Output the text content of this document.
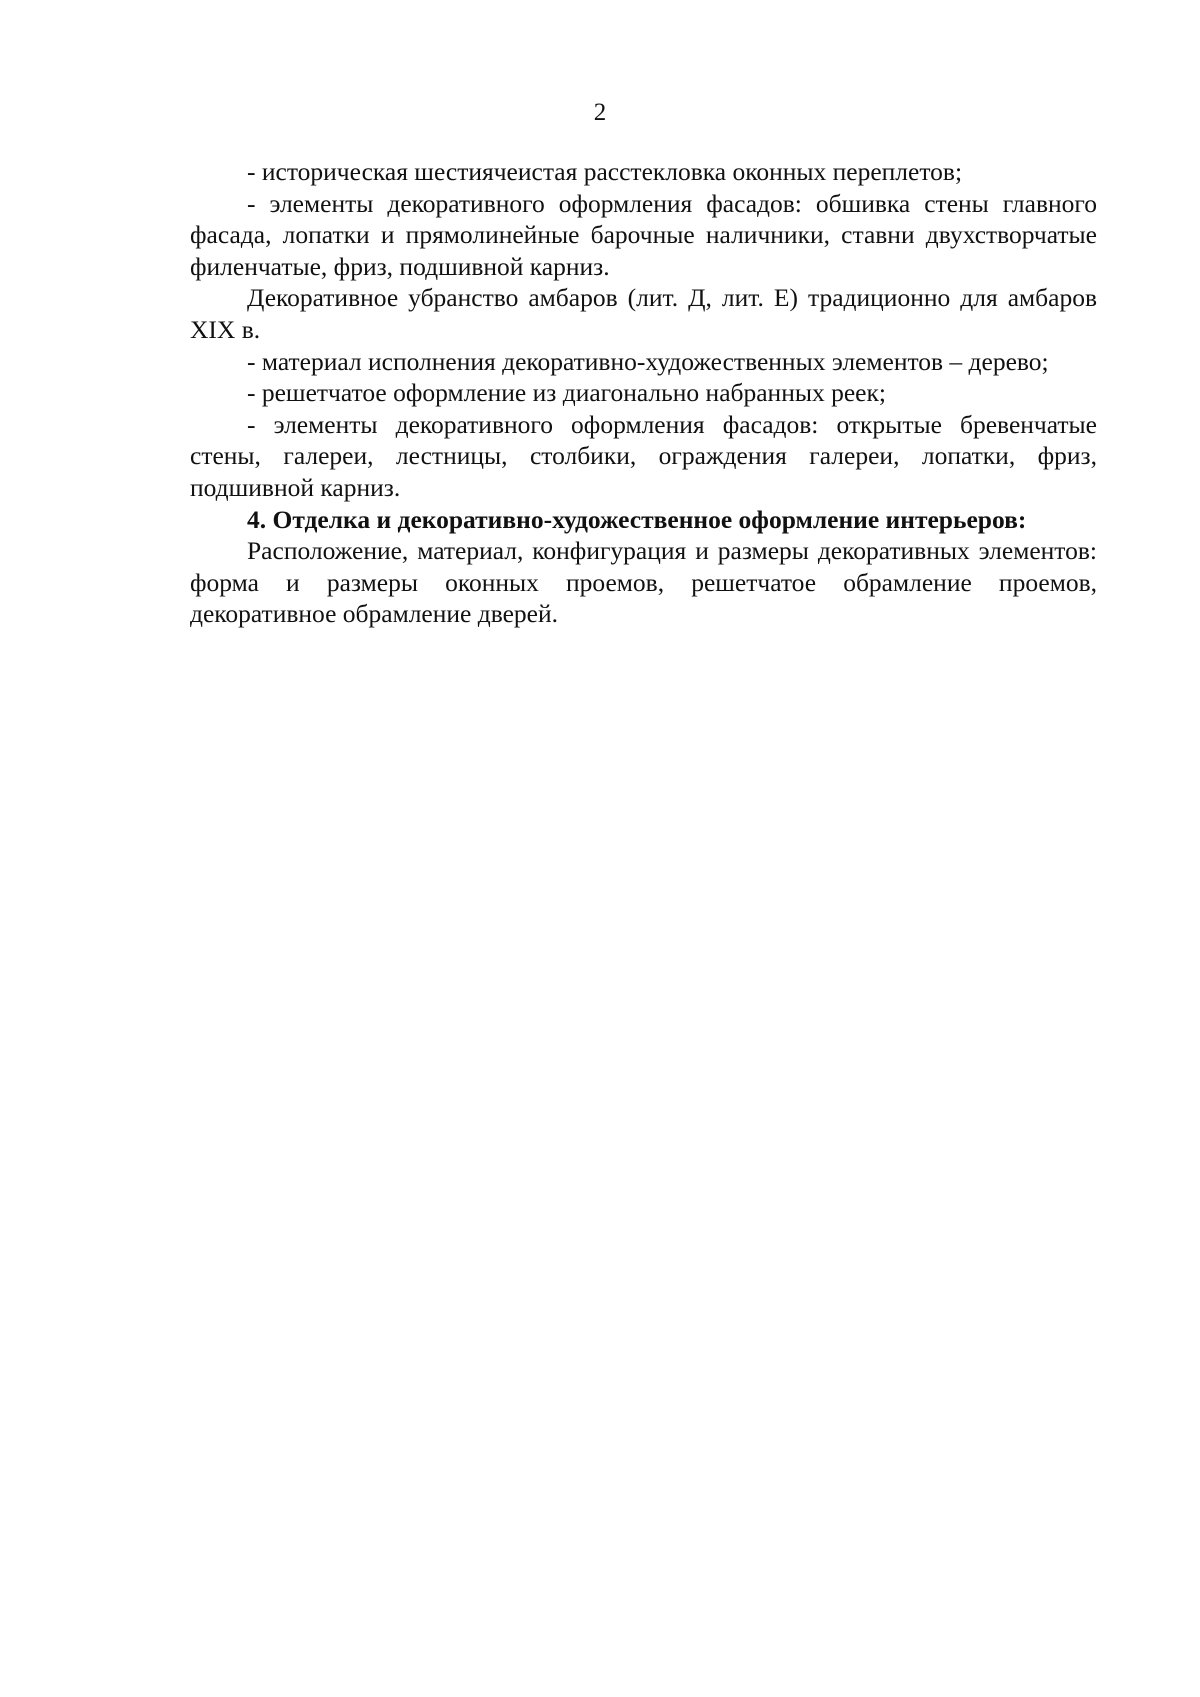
2

- историческая шестиячеистая расстекловка оконных переплетов;

- элементы декоративного оформления фасадов: обшивка стены главного фасада, лопатки и прямолинейные барочные наличники, ставни двухстворчатые филенчатые, фриз, подшивной карниз.

Декоративное убранство амбаров (лит. Д, лит. Е) традиционно для амбаров XIX в.

- материал исполнения декоративно-художественных элементов – дерево;

- решетчатое оформление из диагонально набранных реек;

- элементы декоративного оформления фасадов: открытые бревенчатые стены, галереи, лестницы, столбики, ограждения галереи, лопатки, фриз, подшивной карниз.

4. Отделка и декоративно-художественное оформление интерьеров:

Расположение, материал, конфигурация и размеры декоративных элементов: форма и размеры оконных проемов, решетчатое обрамление проемов, декоративное обрамление дверей.
